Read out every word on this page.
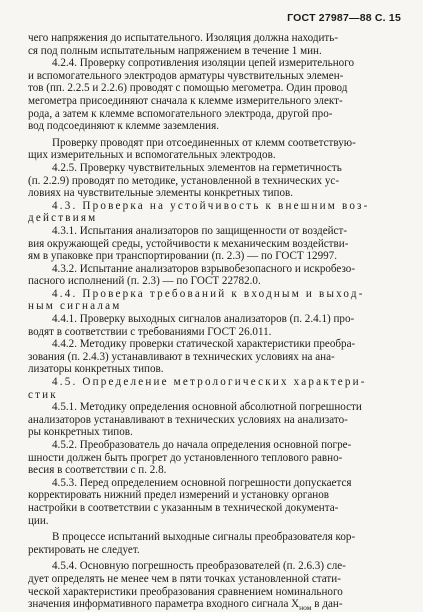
ГОСТ 27987—88 С. 15

чего напряжения до испытательного. Изоляция должна находить-

ся под полным испытательным напряжением в течение 1 мин.

4.2.4. Проверку сопротивления изоляции цепей измерительного

и вспомогательного электродов арматуры чувствительных элемен-

тов (пп. 2.2.5 и 2.2.6) проводят с помощью мегометра. Один провод

мегометра присоединяют сначала к клемме измерительного элект-

рода, а затем к клемме вспомогательного электрода, другой про-

вод подсоединяют к клемме заземления.

Проверку проводят при отсоединенных от клемм соответствую-

щих измерительных и вспомогательных электродов.

4.2.5. Проверку чувствительных элементов на герметичность

(п. 2.2.9) проводят по методике, установленной в технических ус-

ловиях на чувствительные элементы конкретных типов.

4.3. Проверка на устойчивость к внешним воз-

действиям

4.3.1. Испытания анализаторов по защищенности от воздейст-

вия окружающей среды, устойчивости к механическим воздействи-

ям в упаковке при транспортировании (п. 2.3) — по ГОСТ 12997.

4.3.2. Испытание анализаторов взрывобезопасного и искробезо-

пасного исполнений (п. 2.3) — по ГОСТ 22782.0.

4.4. Проверка требований к входным и выход-

ным сигналам

4.4.1. Проверку выходных сигналов анализаторов (п. 2.4.1) про-

водят в соответствии с требованиями ГОСТ 26.011.

4.4.2. Методику проверки статической характеристики преобра-

зования (п. 2.4.3) устанавливают в технических условиях на ана-

лизаторы конкретных типов.

4.5. Определение метрологических характери-

стик

4.5.1. Методику определения основной абсолютной погрешности

анализаторов устанавливают в технических условиях на анализато-

ры конкретных типов.

4.5.2. Преобразователь до начала определения основной погре-

шности должен быть прогрет до установленного теплового равно-

весия в соответствии с п. 2.8.

4.5.3. Перед определением основной погрешности допускается

корректировать нижний предел измерений и установку органов

настройки в соответствии с указанным в технической документа-

ции.

В процессе испытаний выходные сигналы преобразователя кор-

ректировать не следует.

4.5.4. Основную погрешность преобразователей (п. 2.6.3) сле-

дует определять не менее чем в пяти точках установленной стати-

ческой характеристики преобразования сравнением номинального

значения информативного параметра входного сигнала $X_{ном}$ в дан-
